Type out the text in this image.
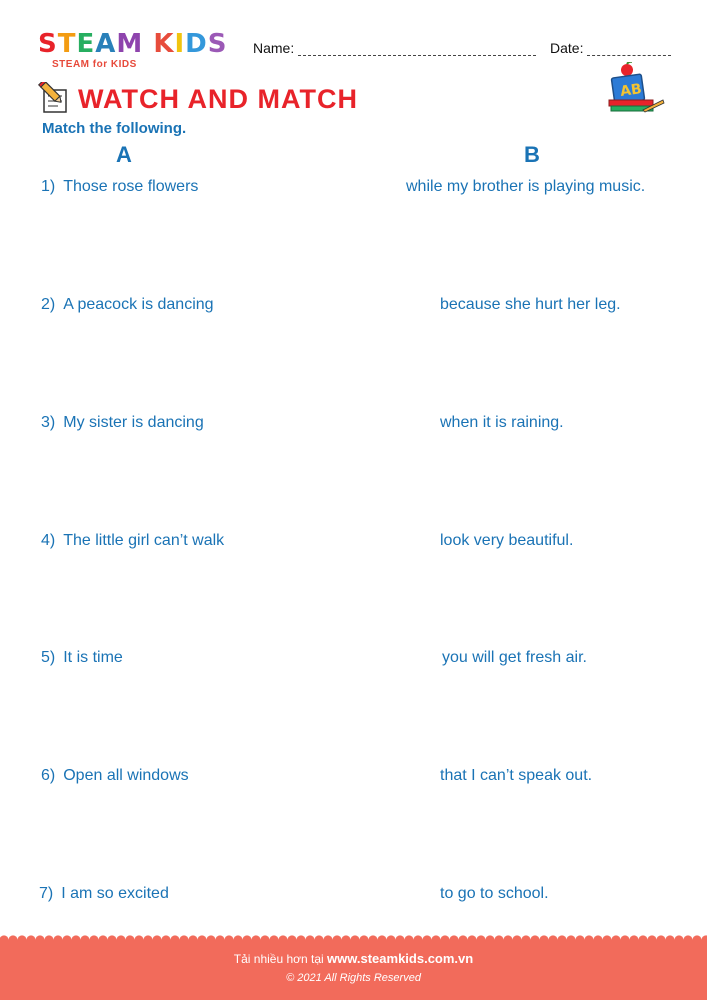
STEAM KIDS
STEAM for KIDS
Name:	Date:
WATCH AND MATCH	AB
Match the following.
A	B
1) Those rose flowers	while my brother is playing music.
2) A peacock is dancing	because she hurt her leg.
3) My sister is dancing	when it is raining.
4) The little girl can’t walk	look very beautiful.
5) It is time	you will get fresh air.
6) Open all windows	that I can’t speak out.
7) I am so excited	to go to school.
Tải nhiều hơn tại www.steamkids.com.vn
© 2021 All Rights Reserved
